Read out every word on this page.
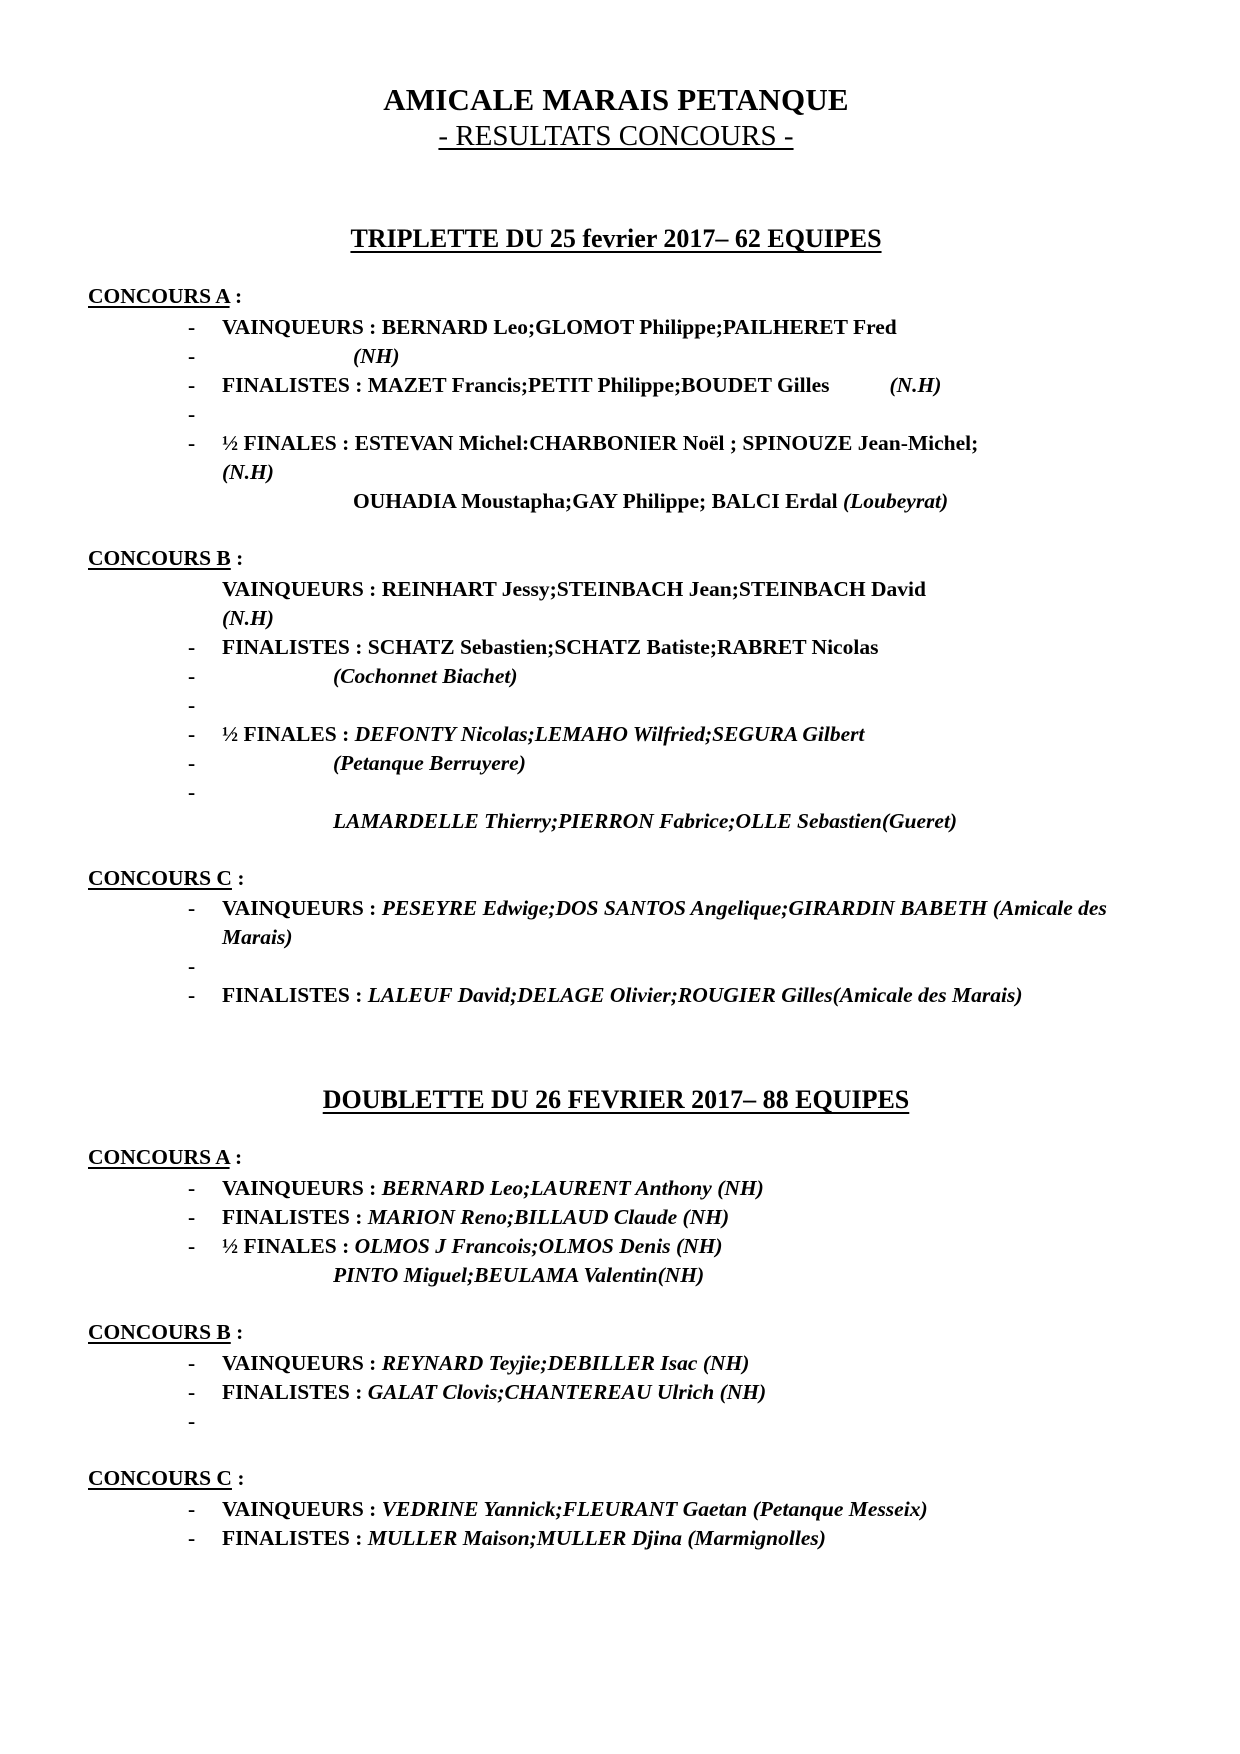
AMICALE MARAIS PETANQUE
- RESULTATS CONCOURS -
TRIPLETTE DU 25 fevrier 2017– 62 EQUIPES
CONCOURS A :
- VAINQUEURS : BERNARD Leo;GLOMOT Philippe;PAILHERET Fred
-	(NH)
- FINALISTES : MAZET Francis;PETIT Philippe;BOUDET Gilles	(N.H)
-

- ½ FINALES : ESTEVAN Michel:CHARBONIER Noël ; SPINOUZE Jean-Michel;
(N.H)
OUHADIA Moustapha;GAY Philippe; BALCI Erdal (Loubeyrat)
CONCOURS B :
VAINQUEURS : REINHART Jessy;STEINBACH Jean;STEINBACH David
(N.H)
- FINALISTES : SCHATZ Sebastien;SCHATZ Batiste;RABRET Nicolas
-	(Cochonnet Biachet)
-

- ½ FINALES : DEFONTY Nicolas;LEMAHO Wilfried;SEGURA Gilbert
-	(Petanque Berruyere)
-

LAMARDELLE Thierry;PIERRON Fabrice;OLLE Sebastien(Gueret)
CONCOURS C :
- VAINQUEURS : PESEYRE Edwige;DOS SANTOS Angelique;GIRARDIN BABETH (Amicale des Marais)
-

- FINALISTES : LALEUF David;DELAGE Olivier;ROUGIER Gilles(Amicale des Marais)
DOUBLETTE DU 26 FEVRIER 2017– 88 EQUIPES
CONCOURS A :
- VAINQUEURS : BERNARD Leo;LAURENT Anthony (NH)
- FINALISTES : MARION Reno;BILLAUD Claude (NH)
- ½ FINALES : OLMOS J Francois;OLMOS Denis (NH)
PINTO Miguel;BEULAMA Valentin(NH)
CONCOURS B :
- VAINQUEURS : REYNARD Teyjie;DEBILLER Isac (NH)
- FINALISTES : GALAT Clovis;CHANTEREAU Ulrich (NH)
-

CONCOURS C :
- VAINQUEURS : VEDRINE Yannick;FLEURANT Gaetan (Petanque Messeix)
- FINALISTES : MULLER Maison;MULLER Djina (Marmignolles)
